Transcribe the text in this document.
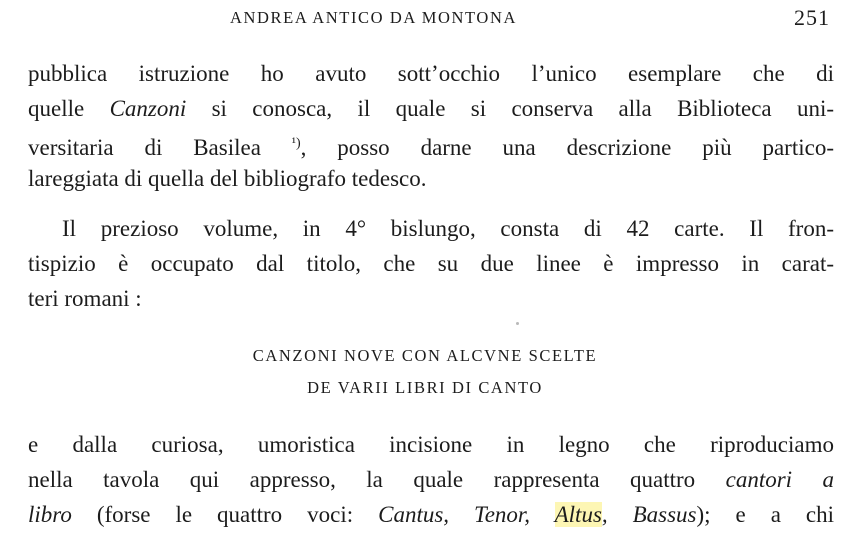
ANDREA ANTICO DA MONTONA	251
pubblica istruzione ho avuto sott’occhio l’unico esemplare che di
quelle Canzoni si conosca, il quale si conserva alla Biblioteca uni-
versitaria di Basilea $^{^1)}$, posso darne una descrizione più partico-
lareggiata di quella del bibliografo tedesco.
Il prezioso volume, in 4° bislungo, consta di 42 carte. Il fron-
tispizio è occupato dal titolo, che su due linee è impresso in carat-
teri romani :
CANZONI NOVE CON ALCVNE SCELTE
DE VARII LIBRI DI CANTO
e dalla curiosa, umoristica incisione in legno che riproduciamo
nella tavola qui appresso, la quale rappresenta quattro cantori a
libro (forse le quattro voci: Cantus, Tenor, Altus, Bassus); e a chi
